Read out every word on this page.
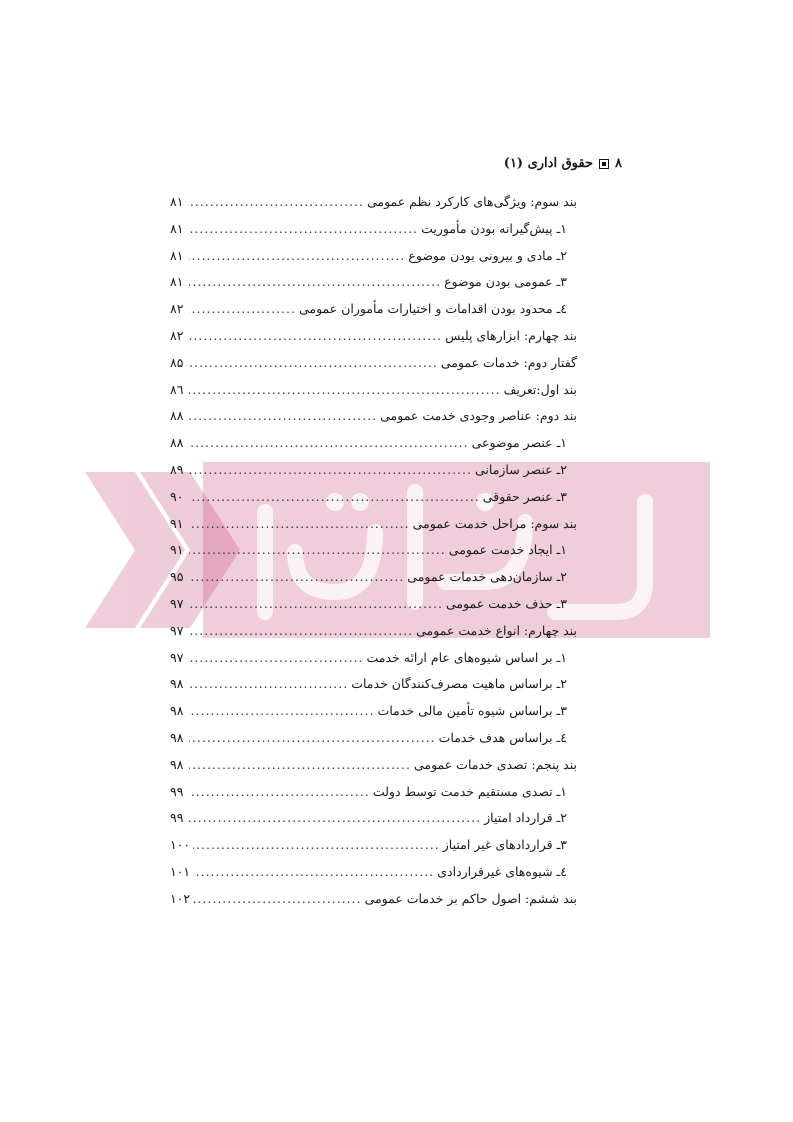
۸
حقوق اداری (۱)
بند سوم: ویژگی‌های کارکرد نظم عمومی
.....
۸۱
۱ـ پیش‌گیرانه بودن مأموریت
.....
۸۱
۲ـ مادی و بیرونی بودن موضوع
.....
۸۱
۳ـ عمومی بودن موضوع
.....
۸۱
٤ـ محدود بودن اقدامات و اختیارات مأموران عمومی
.....
۸۲
بند چهارم: ابزارهای پلیس
.....
۸۲
گفتار دوم: خدمات عمومی
.....
۸۵
بند اول:تعریف
.....
۸٦
بند دوم: عناصر وجودی خدمت عمومی
.....
۸۸
۱ـ عنصر موضوعی
.....
۸۸
۲ـ عنصر سازمانی
.....
۸۹
۳ـ عنصر حقوقی
.....
۹۰
بند سوم: مراحل خدمت عمومی
.....
۹۱
۱ـ ایجاد خدمت عمومی
.....
۹۱
۲ـ سازمان‌دهی خدمات عمومی
.....
۹۵
۳ـ حذف خدمت عمومی
.....
۹۷
بند چهارم: انواع خدمت عمومی
.....
۹۷
۱ـ بر اساس شیوه‌های عام ارائه خدمت
.....
۹۷
۲ـ براساس ماهیت مصرف‌کنندگان خدمات
.....
۹۸
۳ـ براساس شیوه تأمین مالی خدمات
.....
۹۸
٤ـ براساس هدف خدمات
.....
۹۸
بند پنجم: تصدی خدمات عمومی
.....
۹۸
۱ـ تصدی مستقیم خدمت توسط دولت
.....
۹۹
۲ـ قرارداد امتیاز
.....
۹۹
۳ـ قراردادهای غیر امتیاز
.....
۱۰۰
٤ـ شیوه‌های غیرقراردادی
.....
۱۰۱
بند ششم: اصول حاکم بر خدمات عمومی
.....
۱۰۲
